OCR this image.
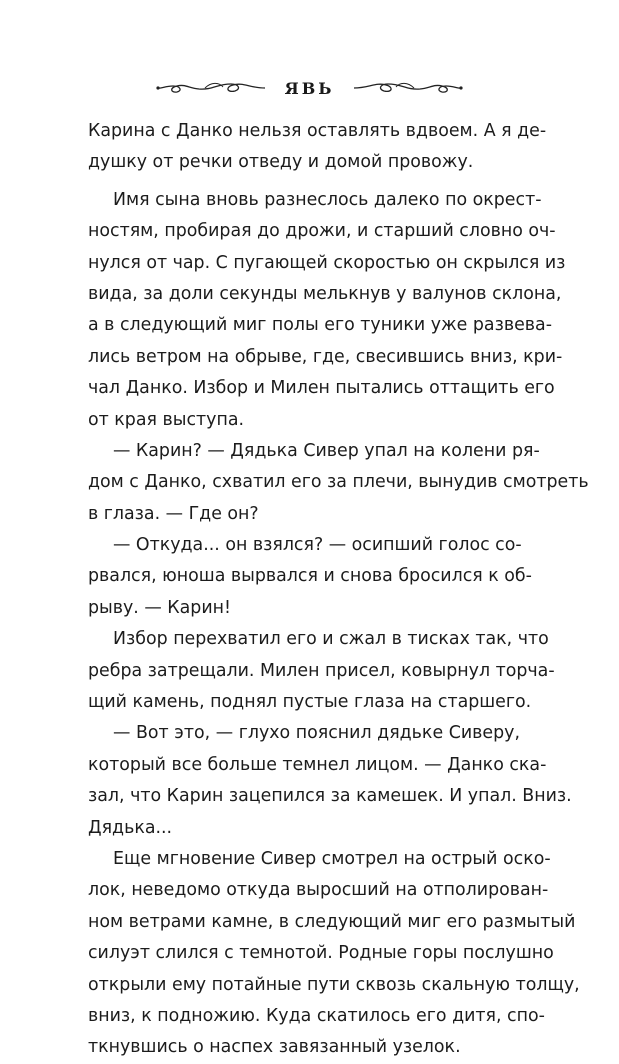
ЯВЬ
Карина с Данко нельзя оставлять вдвоем. А я де-
душку от речки отведу и домой провожу.
Имя сына вновь разнеслось далеко по окрест-
ностям, пробирая до дрожи, и старший словно оч-
нулся от чар. С пугающей скоростью он скрылся из
вида, за доли секунды мелькнув у валунов склона,
а в следующий миг полы его туники уже развева-
лись ветром на обрыве, где, свесившись вниз, кри-
чал Данко. Избор и Милен пытались оттащить его
от края выступа.
— Карин? — Дядька Сивер упал на колени ря-
дом с Данко, схватил его за плечи, вынудив смотреть
в глаза. — Где он?
— Откуда... он взялся? — осипший голос со-
рвался, юноша вырвался и снова бросился к об-
рыву. — Карин!
Избор перехватил его и сжал в тисках так, что
ребра затрещали. Милен присел, ковырнул торча-
щий камень, поднял пустые глаза на старшего.
— Вот это, — глухо пояснил дядьке Сиверу,
который все больше темнел лицом. — Данко ска-
зал, что Карин зацепился за камешек. И упал. Вниз.
Дядька...
Еще мгновение Сивер смотрел на острый оско-
лок, неведомо откуда выросший на отполирован-
ном ветрами камне, в следующий миг его размытый
силуэт слился с темнотой. Родные горы послушно
открыли ему потайные пути сквозь скальную толщу,
вниз, к подножию. Куда скатилось его дитя, спо-
ткнувшись о наспех завязанный узелок.
